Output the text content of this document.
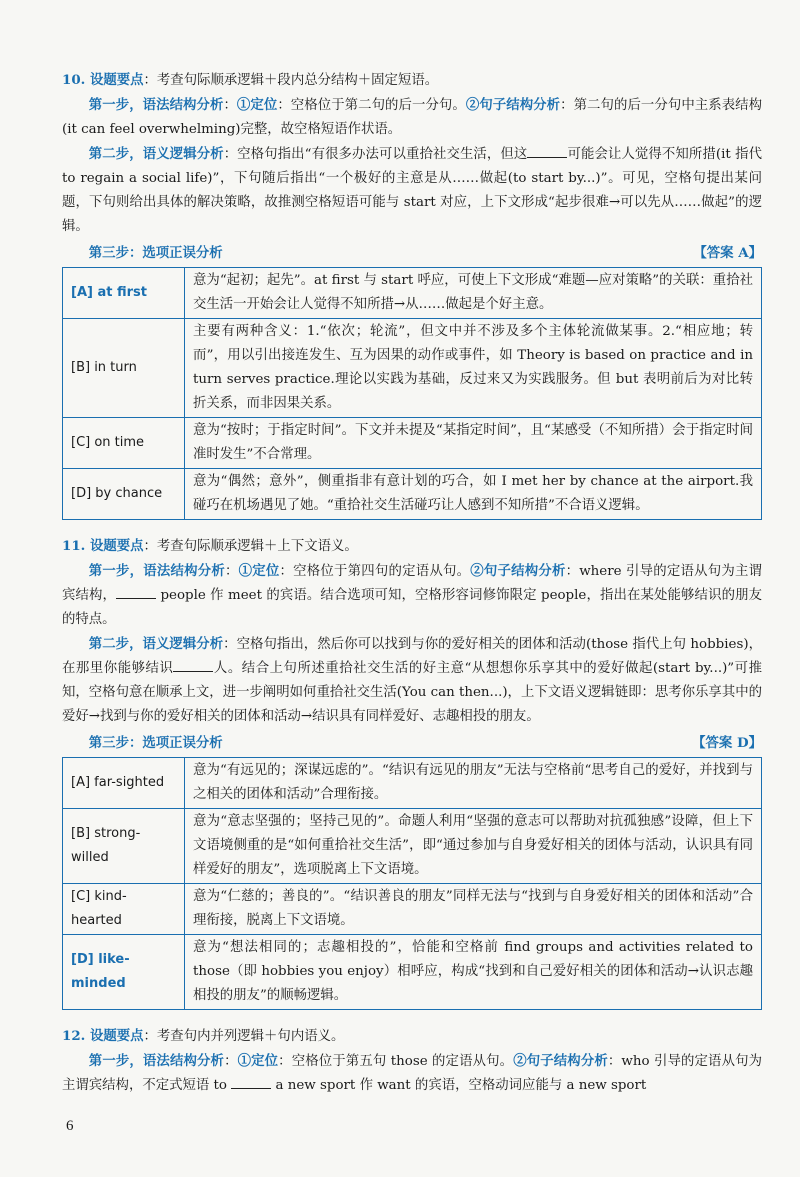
10. 设题要点：考查句际顺承逻辑＋段内总分结构＋固定短语。

第一步，语法结构分析：①定位：空格位于第二句的后一分句。②句子结构分析：第二句的后一分句中主系表结构(it can feel overwhelming)完整，故空格短语作状语。

第二步，语义逻辑分析：空格句指出“有很多办法可以重拾社交生活，但这	可能会让人觉得不知所措(it 指代 to regain a social life)”，下句随后指出“一个极好的主意是从……做起(to start by...)”。可见，空格句提出某问题，下句则给出具体的解决策略，故推测空格短语可能与 start 对应，上下文形成“起步很难→可以先从……做起”的逻辑。

第三步：选项正误分析	【答案 A】
[A] at first	意为“起初；起先”。at first 与 start 呼应，可使上下文形成“难题—应对策略”的关联：重拾社交生活一开始会让人觉得不知所措→从……做起是个好主意。
[B] in turn	主要有两种含义：1.“依次；轮流”，但文中并不涉及多个主体轮流做某事。2.“相应地；转而”，用以引出接连发生、互为因果的动作或事件，如 Theory is based on practice and in turn serves practice.理论以实践为基础，反过来又为实践服务。但 but 表明前后为对比转折关系，而非因果关系。
[C] on time	意为“按时；于指定时间”。下文并未提及“某指定时间”，且“某感受（不知所措）会于指定时间准时发生”不合常理。
[D] by chance	意为“偶然；意外”，侧重指非有意计划的巧合，如 I met her by chance at the airport.我碰巧在机场遇见了她。“重拾社交生活碰巧让人感到不知所措”不合语义逻辑。

11. 设题要点：考查句际顺承逻辑＋上下文语义。

第一步，语法结构分析：①定位：空格位于第四句的定语从句。②句子结构分析：where 引导的定语从句为主谓宾结构，	people 作 meet 的宾语。结合选项可知，空格形容词修饰限定 people，指出在某处能够结识的朋友的特点。

第二步，语义逻辑分析：空格句指出，然后你可以找到与你的爱好相关的团体和活动(those 指代上句 hobbies)，在那里你能够结识	人。结合上句所述重拾社交生活的好主意“从想想你乐享其中的爱好做起(start by...)”可推知，空格句意在顺承上文，进一步阐明如何重拾社交生活(You can then...)，上下文语义逻辑链即：思考你乐享其中的爱好→找到与你的爱好相关的团体和活动→结识具有同样爱好、志趣相投的朋友。

第三步：选项正误分析	【答案 D】
[A] far-sighted	意为“有远见的；深谋远虑的”。“结识有远见的朋友”无法与空格前“思考自己的爱好，并找到与之相关的团体和活动”合理衔接。
[B] strong-willed	意为“意志坚强的；坚持己见的”。命题人利用“坚强的意志可以帮助对抗孤独感”设障，但上下文语境侧重的是“如何重拾社交生活”，即“通过参加与自身爱好相关的团体与活动，认识具有同样爱好的朋友”，选项脱离上下文语境。
[C] kind-hearted	意为“仁慈的；善良的”。“结识善良的朋友”同样无法与“找到与自身爱好相关的团体和活动”合理衔接，脱离上下文语境。
[D] like-minded	意为“想法相同的；志趣相投的”，恰能和空格前 find groups and activities related to those（即 hobbies you enjoy）相呼应，构成“找到和自己爱好相关的团体和活动→认识志趣相投的朋友”的顺畅逻辑。

12. 设题要点：考查句内并列逻辑＋句内语义。

第一步，语法结构分析：①定位：空格位于第五句 those 的定语从句。②句子结构分析：who 引导的定语从句为主谓宾结构，不定式短语 to	a new sport 作 want 的宾语，空格动词应能与 a new sport

6
